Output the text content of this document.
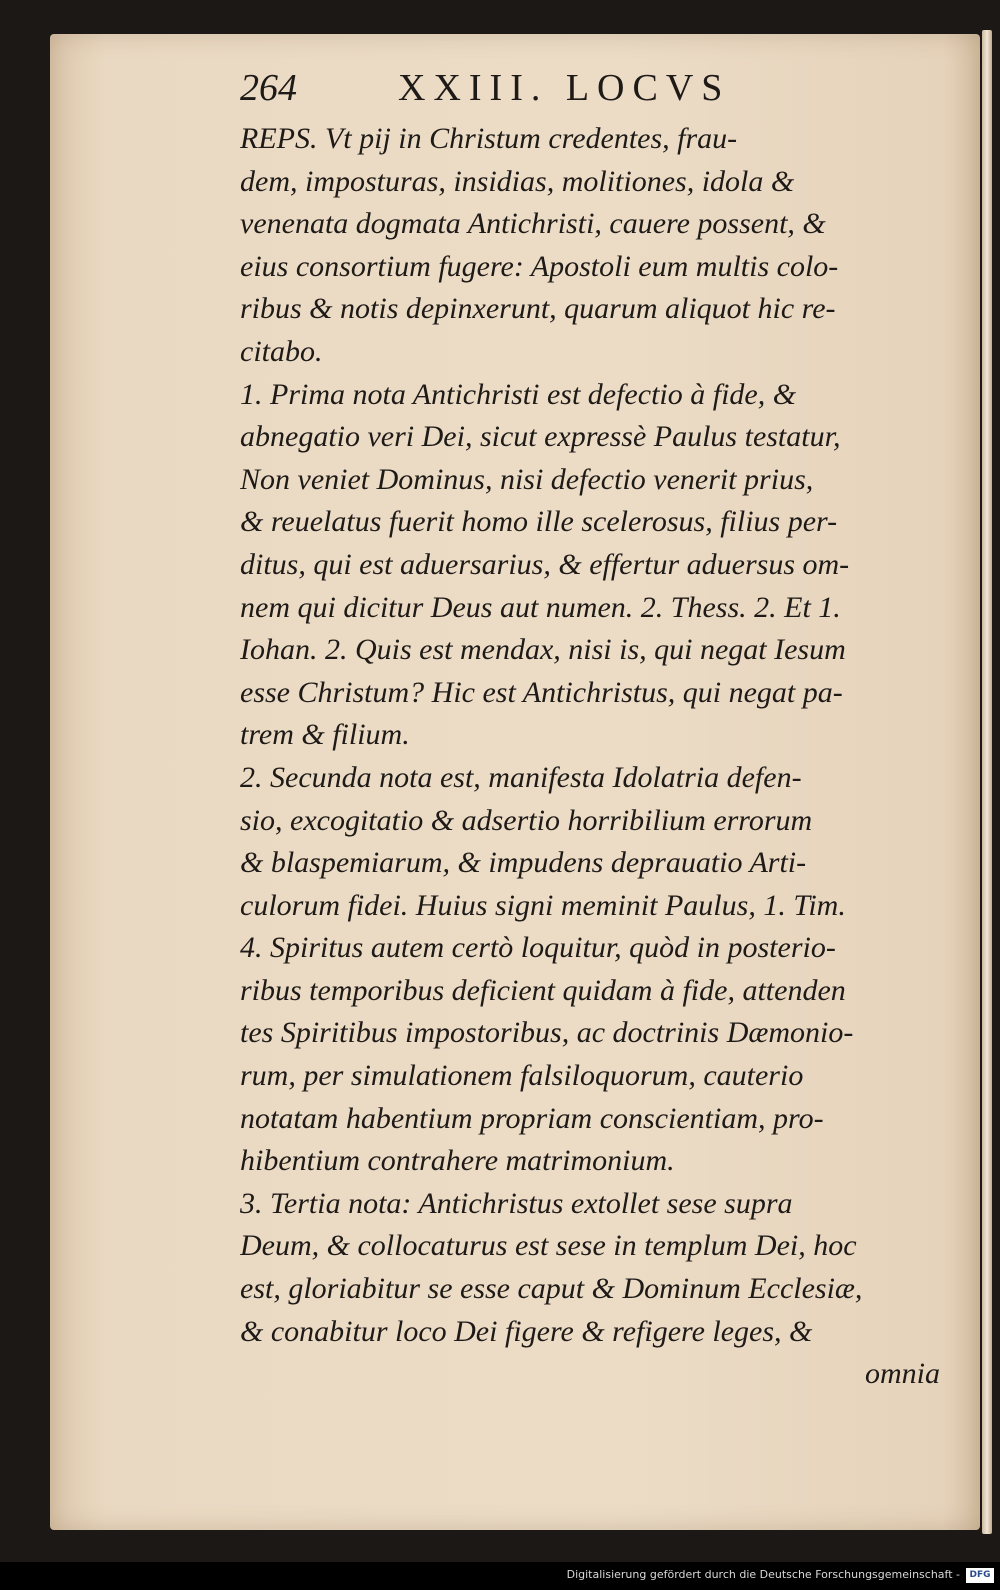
264	XXIII. LOCVS
REPS. Vt pij in Christum credentes, frau-
dem, imposturas, insidias, molitiones, idola &
venenata dogmata Antichristi, cauere possent, &
eius consortium fugere: Apostoli eum multis colo-
ribus & notis depinxerunt, quarum aliquot hic re-
citabo.
1. Prima nota Antichristi est defectio à fide, &
abnegatio veri Dei, sicut expressè Paulus testatur,
Non veniet Dominus, nisi defectio venerit prius,
& reuelatus fuerit homo ille scelerosus, filius per-
ditus, qui est aduersarius, & effertur aduersus om-
nem qui dicitur Deus aut numen. 2. Thess. 2. Et 1.
Iohan. 2. Quis est mendax, nisi is, qui negat Iesum
esse Christum? Hic est Antichristus, qui negat pa-
trem & filium.
2. Secunda nota est, manifesta Idolatria defen-
sio, excogitatio & adsertio horribilium errorum
& blaspemiarum, & impudens deprauatio Arti-
culorum fidei. Huius signi meminit Paulus, 1. Tim.
4. Spiritus autem certò loquitur, quòd in posterio-
ribus temporibus deficient quidam à fide, attenden
tes Spiritibus impostoribus, ac doctrinis Dæmonio-
rum, per simulationem falsiloquorum, cauterio
notatam habentium propriam conscientiam, pro-
hibentium contrahere matrimonium.
3. Tertia nota: Antichristus extollet sese supra
Deum, & collocaturus est sese in templum Dei, hoc
est, gloriabitur se esse caput & Dominum Ecclesiæ,
& conabitur loco Dei figere & refigere leges, &
omnia
Digitalisierung gefördert durch die Deutsche Forschungsgemeinschaft -	DFG
